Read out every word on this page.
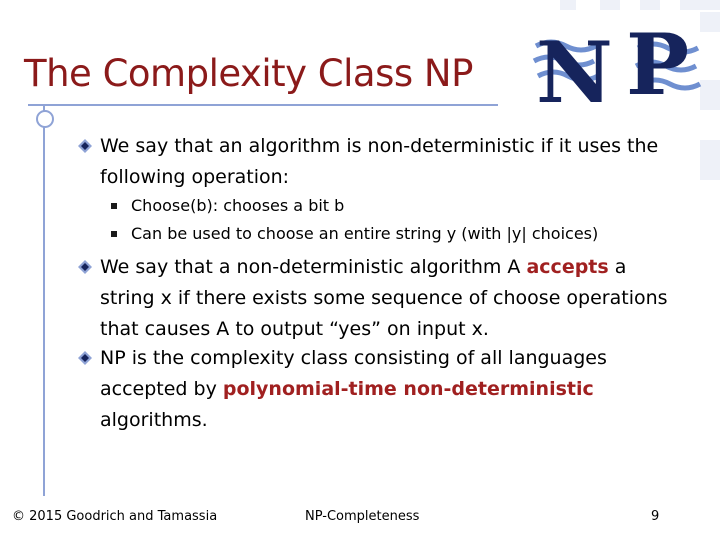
The Complexity Class NP N P
We say that an algorithm is non-deterministic if it uses the following operation:
Choose(b): chooses a bit b
Can be used to choose an entire string y (with |y| choices)
We say that a non-deterministic algorithm A accepts a string x if there exists some sequence of choose operations that causes A to output “yes” on input x.
NP is the complexity class consisting of all languages accepted by polynomial-time non-deterministic algorithms.
© 2015 Goodrich and Tamassia	NP-Completeness	9
